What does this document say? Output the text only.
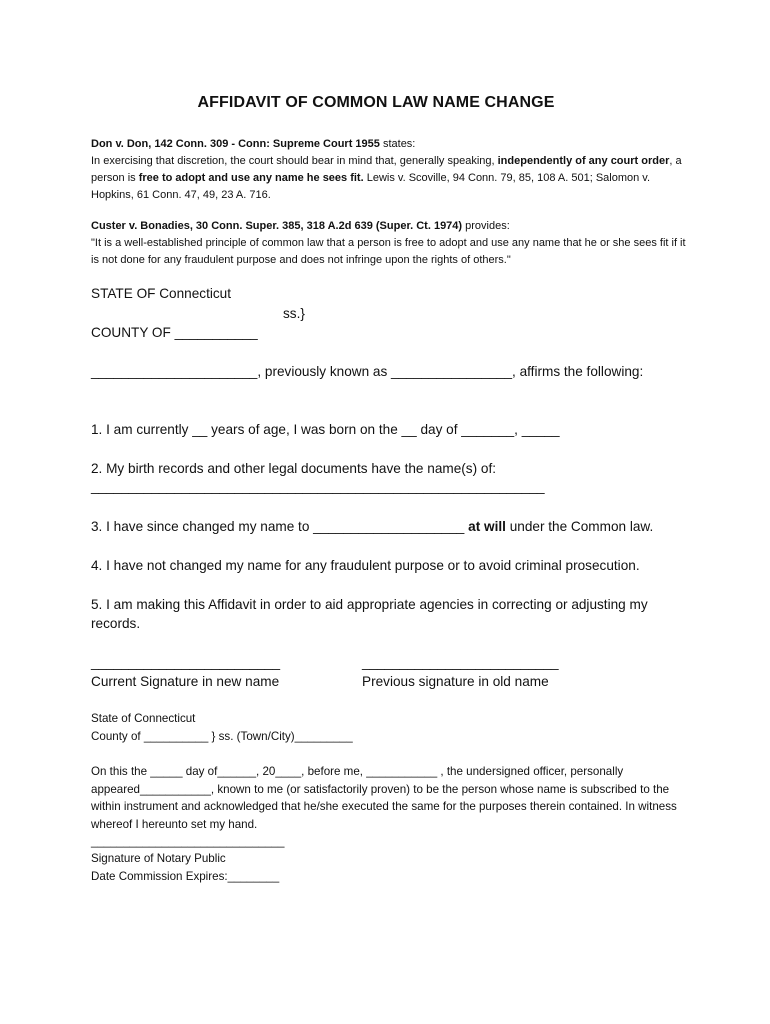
AFFIDAVIT OF COMMON LAW NAME CHANGE
Don v. Don, 142 Conn. 309 - Conn: Supreme Court 1955 states:
In exercising that discretion, the court should bear in mind that, generally speaking, independently of any court order, a person is free to adopt and use any name he sees fit. Lewis v. Scoville, 94 Conn. 79, 85, 108 A. 501; Salomon v. Hopkins, 61 Conn. 47, 49, 23 A. 716.
Custer v. Bonadies, 30 Conn. Super. 385, 318 A.2d 639 (Super. Ct. 1974) provides:
"It is a well-established principle of common law that a person is free to adopt and use any name that he or she sees fit if it is not done for any fraudulent purpose and does not infringe upon the rights of others."
STATE OF Connecticut
ss.}
COUNTY OF ___________
______________________, previously known as ________________, affirms the following:
1. I am currently __ years of age, I was born on the __ day of _______, _____
2. My birth records and other legal documents have the name(s) of:
____________________________________________________________
3. I have since changed my name to ____________________ at will under the Common law.
4. I have not changed my name for any fraudulent purpose or to avoid criminal prosecution.
5. I am making this Affidavit in order to aid appropriate agencies in correcting or adjusting my records.
_________________________	__________________________
Current Signature in new name	Previous signature in old name
State of Connecticut
County of __________ } ss. (Town/City)_________
On this the _____ day of______, 20____, before me, ___________ , the undersigned officer, personally appeared___________, known to me (or satisfactorily proven) to be the person whose name is subscribed to the within instrument and acknowledged that he/she executed the same for the purposes therein contained. In witness whereof I hereunto set my hand.
______________________________
Signature of Notary Public
Date Commission Expires:________
